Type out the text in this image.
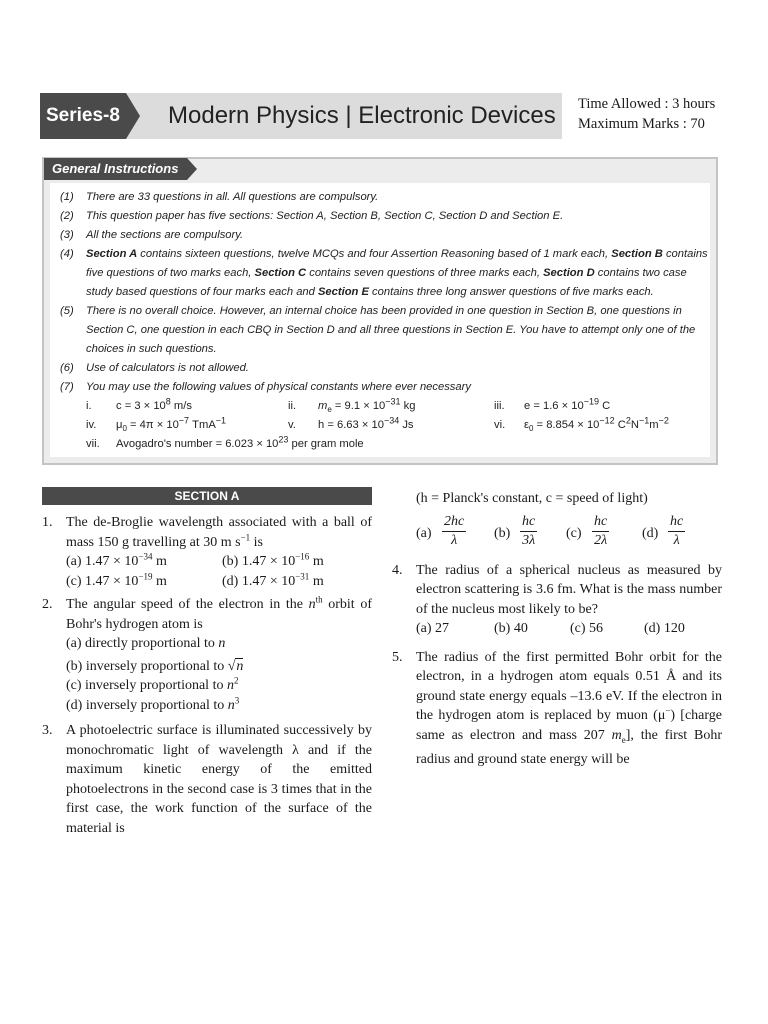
Series-8 Modern Physics | Electronic Devices Time Allowed : 3 hours
Maximum Marks : 70
General Instructions
(1) There are 33 questions in all. All questions are compulsory.
(2) This question paper has five sections: Section A, Section B, Section C, Section D and Section E.
(3) All the sections are compulsory.
(4) Section A contains sixteen questions, twelve MCQs and four Assertion Reasoning based of 1 mark each, Section B contains five questions of two marks each, Section C contains seven questions of three marks each, Section D contains two case study based questions of four marks each and Section E contains three long answer questions of five marks each.
(5) There is no overall choice. However, an internal choice has been provided in one question in Section B, one questions in Section C, one question in each CBQ in Section D and all three questions in Section E. You have to attempt only one of the choices in such questions.
(6) Use of calculators is not allowed.
(7) You may use the following values of physical constants where ever necessary
i. $c = 3 \times 10^8$ m/s	ii. $m_e = 9.1 \times 10^{-31}$ kg	iii. $e = 1.6 \times 10^{-19}$ C
iv. $\mu_0 = 4\pi \times 10^{-7}$ TmA$^{-1}$	v. $h = 6.63 \times 10^{-34}$ Js	vi. $\varepsilon_0 = 8.854 \times 10^{-12}$ $C^2N^{-1}m^{-2}$
vii. Avogadro's number = $6.023 \times 10^{23}$ per gram mole
SECTION A
1. The de-Broglie wavelength associated with a ball of mass 150 g travelling at 30 m $s^{-1}$ is
(a) $1.47 \times 10^{-34}$ m	(b) $1.47 \times 10^{-16}$ m
(c) $1.47 \times 10^{-19}$ m	(d) $1.47 \times 10^{-31}$ m
2. The angular speed of the electron in the $n^{th}$ orbit of Bohr's hydrogen atom is
(a) directly proportional to n
(b) inversely proportional to √n
(c) inversely proportional to $n^2$
(d) inversely proportional to $n^3$
3. A photoelectric surface is illuminated successively by monochromatic light of wavelength λ and if the maximum kinetic energy of the emitted photoelectrons in the second case is 3 times that in the first case, the work function of the surface of the material is
(h = Planck's constant, c = speed of light)
$(a) \frac{2hc}{\lambda} (b) \frac{hc}{3\lambda} (c) \frac{hc}{2\lambda} (d) \frac{hc}{\lambda}$
4. The radius of a spherical nucleus as measured by electron scattering is 3.6 fm. What is the mass number of the nucleus most likely to be?
(a) 27	(b) 40	(c) 56	(d) 120
5. The radius of the first permitted Bohr orbit for the electron, in a hydrogen atom equals 0.51 Å and its ground state energy equals –13.6 eV. If the electron in the hydrogen atom is replaced by muon (μ−) [charge same as electron and mass 207 $m_e$], the first Bohr radius and ground state energy will be
